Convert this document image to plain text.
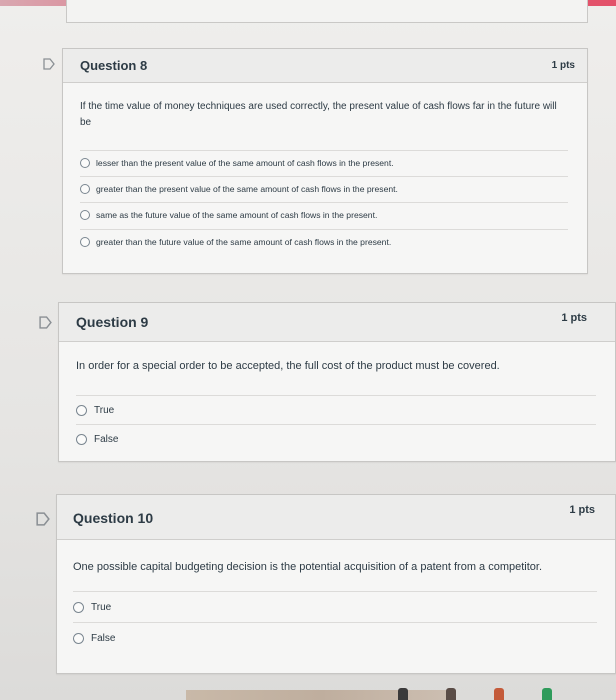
Question 8	1 pts
If the time value of money techniques are used correctly, the present value of cash flows far in the future will be
lesser than the present value of the same amount of cash flows in the present.
greater than the present value of the same amount of cash flows in the present.
same as the future value of the same amount of cash flows in the present.
greater than the future value of the same amount of cash flows in the present.
Question 9	1 pts
In order for a special order to be accepted, the full cost of the product must be covered.
True
False
Question 10	1 pts
One possible capital budgeting decision is the potential acquisition of a patent from a competitor.
True
False
